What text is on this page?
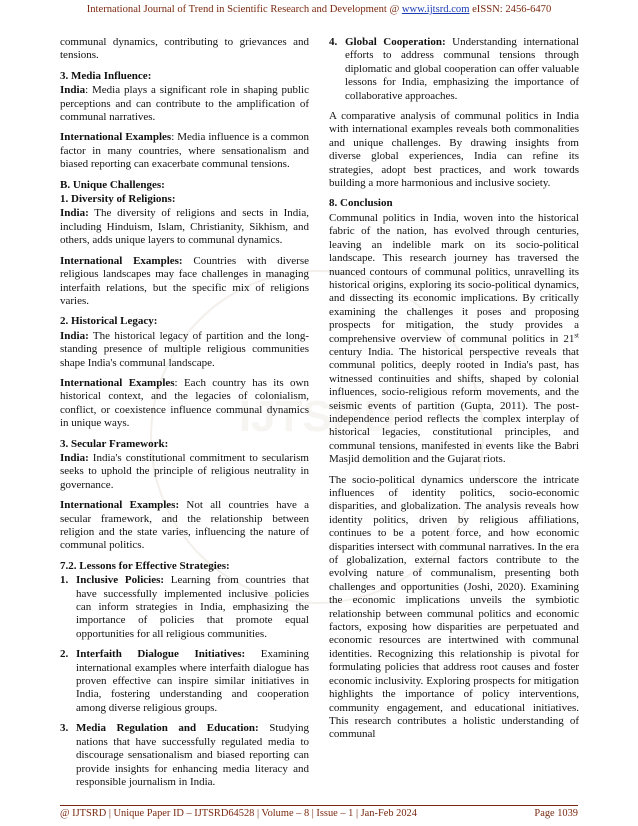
IJTSRD
International Journal of Trend in Scientific Research and Development @ www.ijtsrd.com eISSN: 2456-6470

communal dynamics, contributing to grievances and tensions.

3. Media Influence:

India: Media plays a significant role in shaping public perceptions and can contribute to the amplification of communal narratives.

International Examples: Media influence is a common factor in many countries, where sensationalism and biased reporting can exacerbate communal tensions.

B. Unique Challenges:
1. Diversity of Religions:

India: The diversity of religions and sects in India, including Hinduism, Islam, Christianity, Sikhism, and others, adds unique layers to communal dynamics.

International Examples: Countries with diverse religious landscapes may face challenges in managing interfaith relations, but the specific mix of religions varies.

2. Historical Legacy:

India: The historical legacy of partition and the long-standing presence of multiple religious communities shape India's communal landscape.

International Examples: Each country has its own historical context, and the legacies of colonialism, conflict, or coexistence influence communal dynamics in unique ways.

3. Secular Framework:

India: India's constitutional commitment to secularism seeks to uphold the principle of religious neutrality in governance.

International Examples: Not all countries have a secular framework, and the relationship between religion and the state varies, influencing the nature of communal politics.

7.2. Lessons for Effective Strategies:
1. Inclusive Policies: Learning from countries that have successfully implemented inclusive policies can inform strategies in India, emphasizing the importance of policies that promote equal opportunities for all religious communities.
2. Interfaith Dialogue Initiatives: Examining international examples where interfaith dialogue has proven effective can inspire similar initiatives in India, fostering understanding and cooperation among diverse religious groups.
3. Media Regulation and Education: Studying nations that have successfully regulated media to discourage sensationalism and biased reporting can provide insights for enhancing media literacy and responsible journalism in India.
4. Global Cooperation: Understanding international efforts to address communal tensions through diplomatic and global cooperation can offer valuable lessons for India, emphasizing the importance of collaborative approaches.

A comparative analysis of communal politics in India with international examples reveals both commonalities and unique challenges. By drawing insights from diverse global experiences, India can refine its strategies, adopt best practices, and work towards building a more harmonious and inclusive society.

8. Conclusion

Communal politics in India, woven into the historical fabric of the nation, has evolved through centuries, leaving an indelible mark on its socio-political landscape. This research journey has traversed the nuanced contours of communal politics, unravelling its historical origins, exploring its socio-political dynamics, and dissecting its economic implications. By critically examining the challenges it poses and proposing prospects for mitigation, the study provides a comprehensive overview of communal politics in 21st century India. The historical perspective reveals that communal politics, deeply rooted in India's past, has witnessed continuities and shifts, shaped by colonial influences, socio-religious reform movements, and the seismic events of partition (Gupta, 2011). The post-independence period reflects the complex interplay of historical legacies, constitutional principles, and communal tensions, manifested in events like the Babri Masjid demolition and the Gujarat riots.

The socio-political dynamics underscore the intricate influences of identity politics, socio-economic disparities, and globalization. The analysis reveals how identity politics, driven by religious affiliations, continues to be a potent force, and how economic disparities intersect with communal narratives. In the era of globalization, external factors contribute to the evolving nature of communalism, presenting both challenges and opportunities (Joshi, 2020). Examining the economic implications unveils the symbiotic relationship between communal politics and economic factors, exposing how disparities are perpetuated and economic resources are intertwined with communal identities. Recognizing this relationship is pivotal for formulating policies that address root causes and foster economic inclusivity. Exploring prospects for mitigation highlights the importance of policy interventions, community engagement, and educational initiatives. This research contributes a holistic understanding of communal

@ IJTSRD | Unique Paper ID – IJTSRD64528 | Volume – 8 | Issue – 1 | Jan-Feb 2024	Page 1039
